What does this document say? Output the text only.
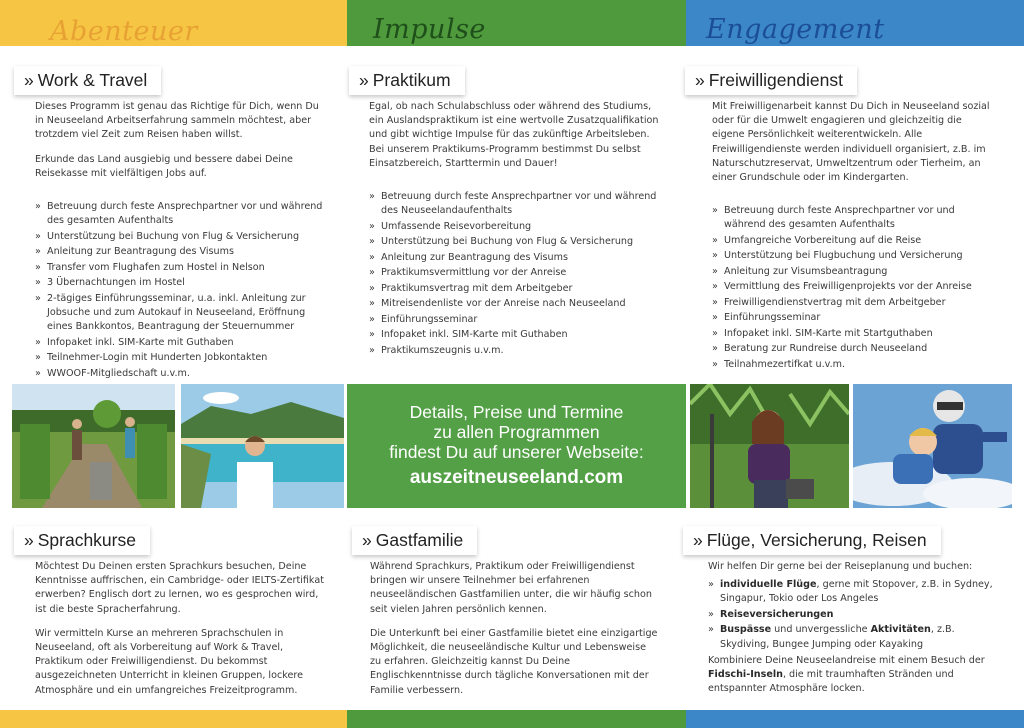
Abenteuer
» Work & Travel

Dieses Programm ist genau das Richtige für Dich, wenn Du in Neuseeland Arbeitserfahrung sammeln möchtest, aber trotzdem viel Zeit zum Reisen haben willst.

Erkunde das Land ausgiebig und bessere dabei Deine Reisekasse mit vielfältigen Jobs auf.

» Betreuung durch feste Ansprechpartner vor und während des gesamten Aufenthalts
» Unterstützung bei Buchung von Flug & Versicherung
» Anleitung zur Beantragung des Visums
» Transfer vom Flughafen zum Hostel in Nelson
» 3 Übernachtungen im Hostel
» 2-tägiges Einführungsseminar, u.a. inkl. Anleitung zur Jobsuche und zum Autokauf in Neuseeland, Eröffnung eines Bankkontos, Beantragung der Steuernummer
» Infopaket inkl. SIM-Karte mit Guthaben
» Teilnehmer-Login mit Hunderten Jobkontakten
» WWOOF-Mitgliedschaft u.v.m.
Impulse
» Praktikum

Egal, ob nach Schulabschluss oder während des Studiums, ein Auslandspraktikum ist eine wertvolle Zusatzqualifikation und gibt wichtige Impulse für das zukünftige Arbeitsleben. Bei unserem Praktikums-Programm bestimmst Du selbst Einsatzbereich, Starttermin und Dauer!

» Betreuung durch feste Ansprechpartner vor und während des Neuseelandaufenthalts
» Umfassende Reisevorbereitung
» Unterstützung bei Buchung von Flug & Versicherung
» Anleitung zur Beantragung des Visums
» Praktikumsvermittlung vor der Anreise
» Praktikumsvertrag mit dem Arbeitgeber
» Mitreisendenliste vor der Anreise nach Neuseeland
» Einführungsseminar
» Infopaket inkl. SIM-Karte mit Guthaben
» Praktikumszeugnis u.v.m.
Engagement
» Freiwilligendienst

Mit Freiwilligenarbeit kannst Du Dich in Neuseeland sozial oder für die Umwelt engagieren und gleichzeitig die eigene Persönlichkeit weiterentwickeln. Alle Freiwilligendienste werden individuell organisiert, z.B. im Naturschutzreservat, Umweltzentrum oder Tierheim, an einer Grundschule oder im Kindergarten.

» Betreuung durch feste Ansprechpartner vor und während des gesamten Aufenthalts
» Umfangreiche Vorbereitung auf die Reise
» Unterstützung bei Flugbuchung und Versicherung
» Anleitung zur Visumsbeantragung
» Vermittlung des Freiwilligenprojekts vor der Anreise
» Freiwilligendienstvertrag mit dem Arbeitgeber
» Einführungsseminar
» Infopaket inkl. SIM-Karte mit Startguthaben
» Beratung zur Rundreise durch Neuseeland
» Teilnahmezertifkat u.v.m.
Details, Preise und Termine
zu allen Programmen
findest Du auf unserer Webseite:
auszeitneuseeland.com
» Sprachkurse

Möchtest Du Deinen ersten Sprachkurs besuchen, Deine Kenntnisse auffrischen, ein Cambridge- oder IELTS-Zertifikat erwerben? Englisch dort zu lernen, wo es gesprochen wird, ist die beste Spracherfahrung.

Wir vermitteln Kurse an mehreren Sprachschulen in Neuseeland, oft als Vorbereitung auf Work & Travel, Praktikum oder Freiwilligendienst. Du bekommst ausgezeichneten Unterricht in kleinen Gruppen, lockere Atmosphäre und ein umfangreiches Freizeitprogramm.

» Gastfamilie

Während Sprachkurs, Praktikum oder Freiwilligendienst bringen wir unsere Teilnehmer bei erfahrenen neuseeländischen Gastfamilien unter, die wir häufig schon seit vielen Jahren persönlich kennen.

Die Unterkunft bei einer Gastfamilie bietet eine einzigartige Möglichkeit, die neuseeländische Kultur und Lebensweise zu erfahren. Gleichzeitig kannst Du Deine Englischkenntnisse durch tägliche Konversationen mit der Familie verbessern.

» Flüge, Versicherung, Reisen

Wir helfen Dir gerne bei der Reiseplanung und buchen:

» individuelle Flüge, gerne mit Stopover, z.B. in Sydney, Singapur, Tokio oder Los Angeles
» Reiseversicherungen
» Buspässe und unvergessliche Aktivitäten, z.B. Skydiving, Bungee Jumping oder Kayaking

Kombiniere Deine Neuseelandreise mit einem Besuch der Fidschi-Inseln, die mit traumhaften Stränden und entspannter Atmosphäre locken.
